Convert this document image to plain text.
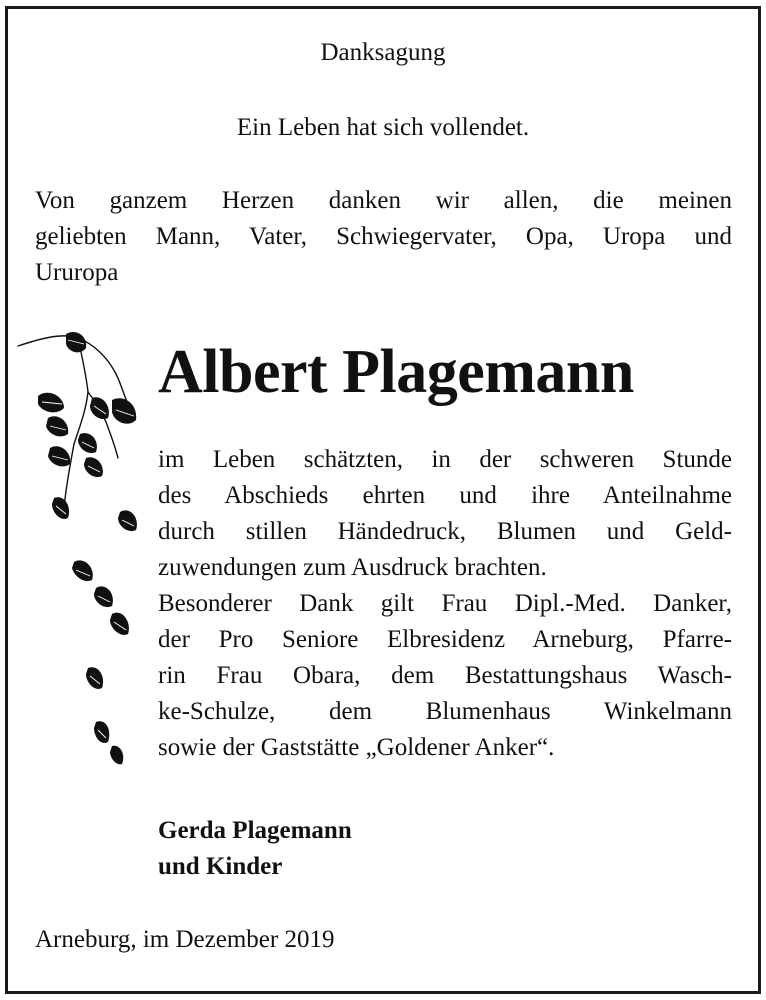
Danksagung
Ein Leben hat sich vollendet.

Von ganzem Herzen danken wir allen, die meinen
geliebten Mann, Vater, Schwiegervater, Opa, Uropa und
Ururopa

Albert Plagemann

im Leben schätzten, in der schweren Stunde
des Abschieds ehrten und ihre Anteilnahme
durch stillen Händedruck, Blumen und Geld-
zuwendungen zum Ausdruck brachten.
Besonderer Dank gilt Frau Dipl.-Med. Danker,
der Pro Seniore Elbresidenz Arneburg, Pfarre-
rin Frau Obara, dem Bestattungshaus Wasch-
ke-Schulze, dem Blumenhaus Winkelmann
sowie der Gaststätte „Goldener Anker“.

Gerda Plagemann
und Kinder
Arneburg, im Dezember 2019
